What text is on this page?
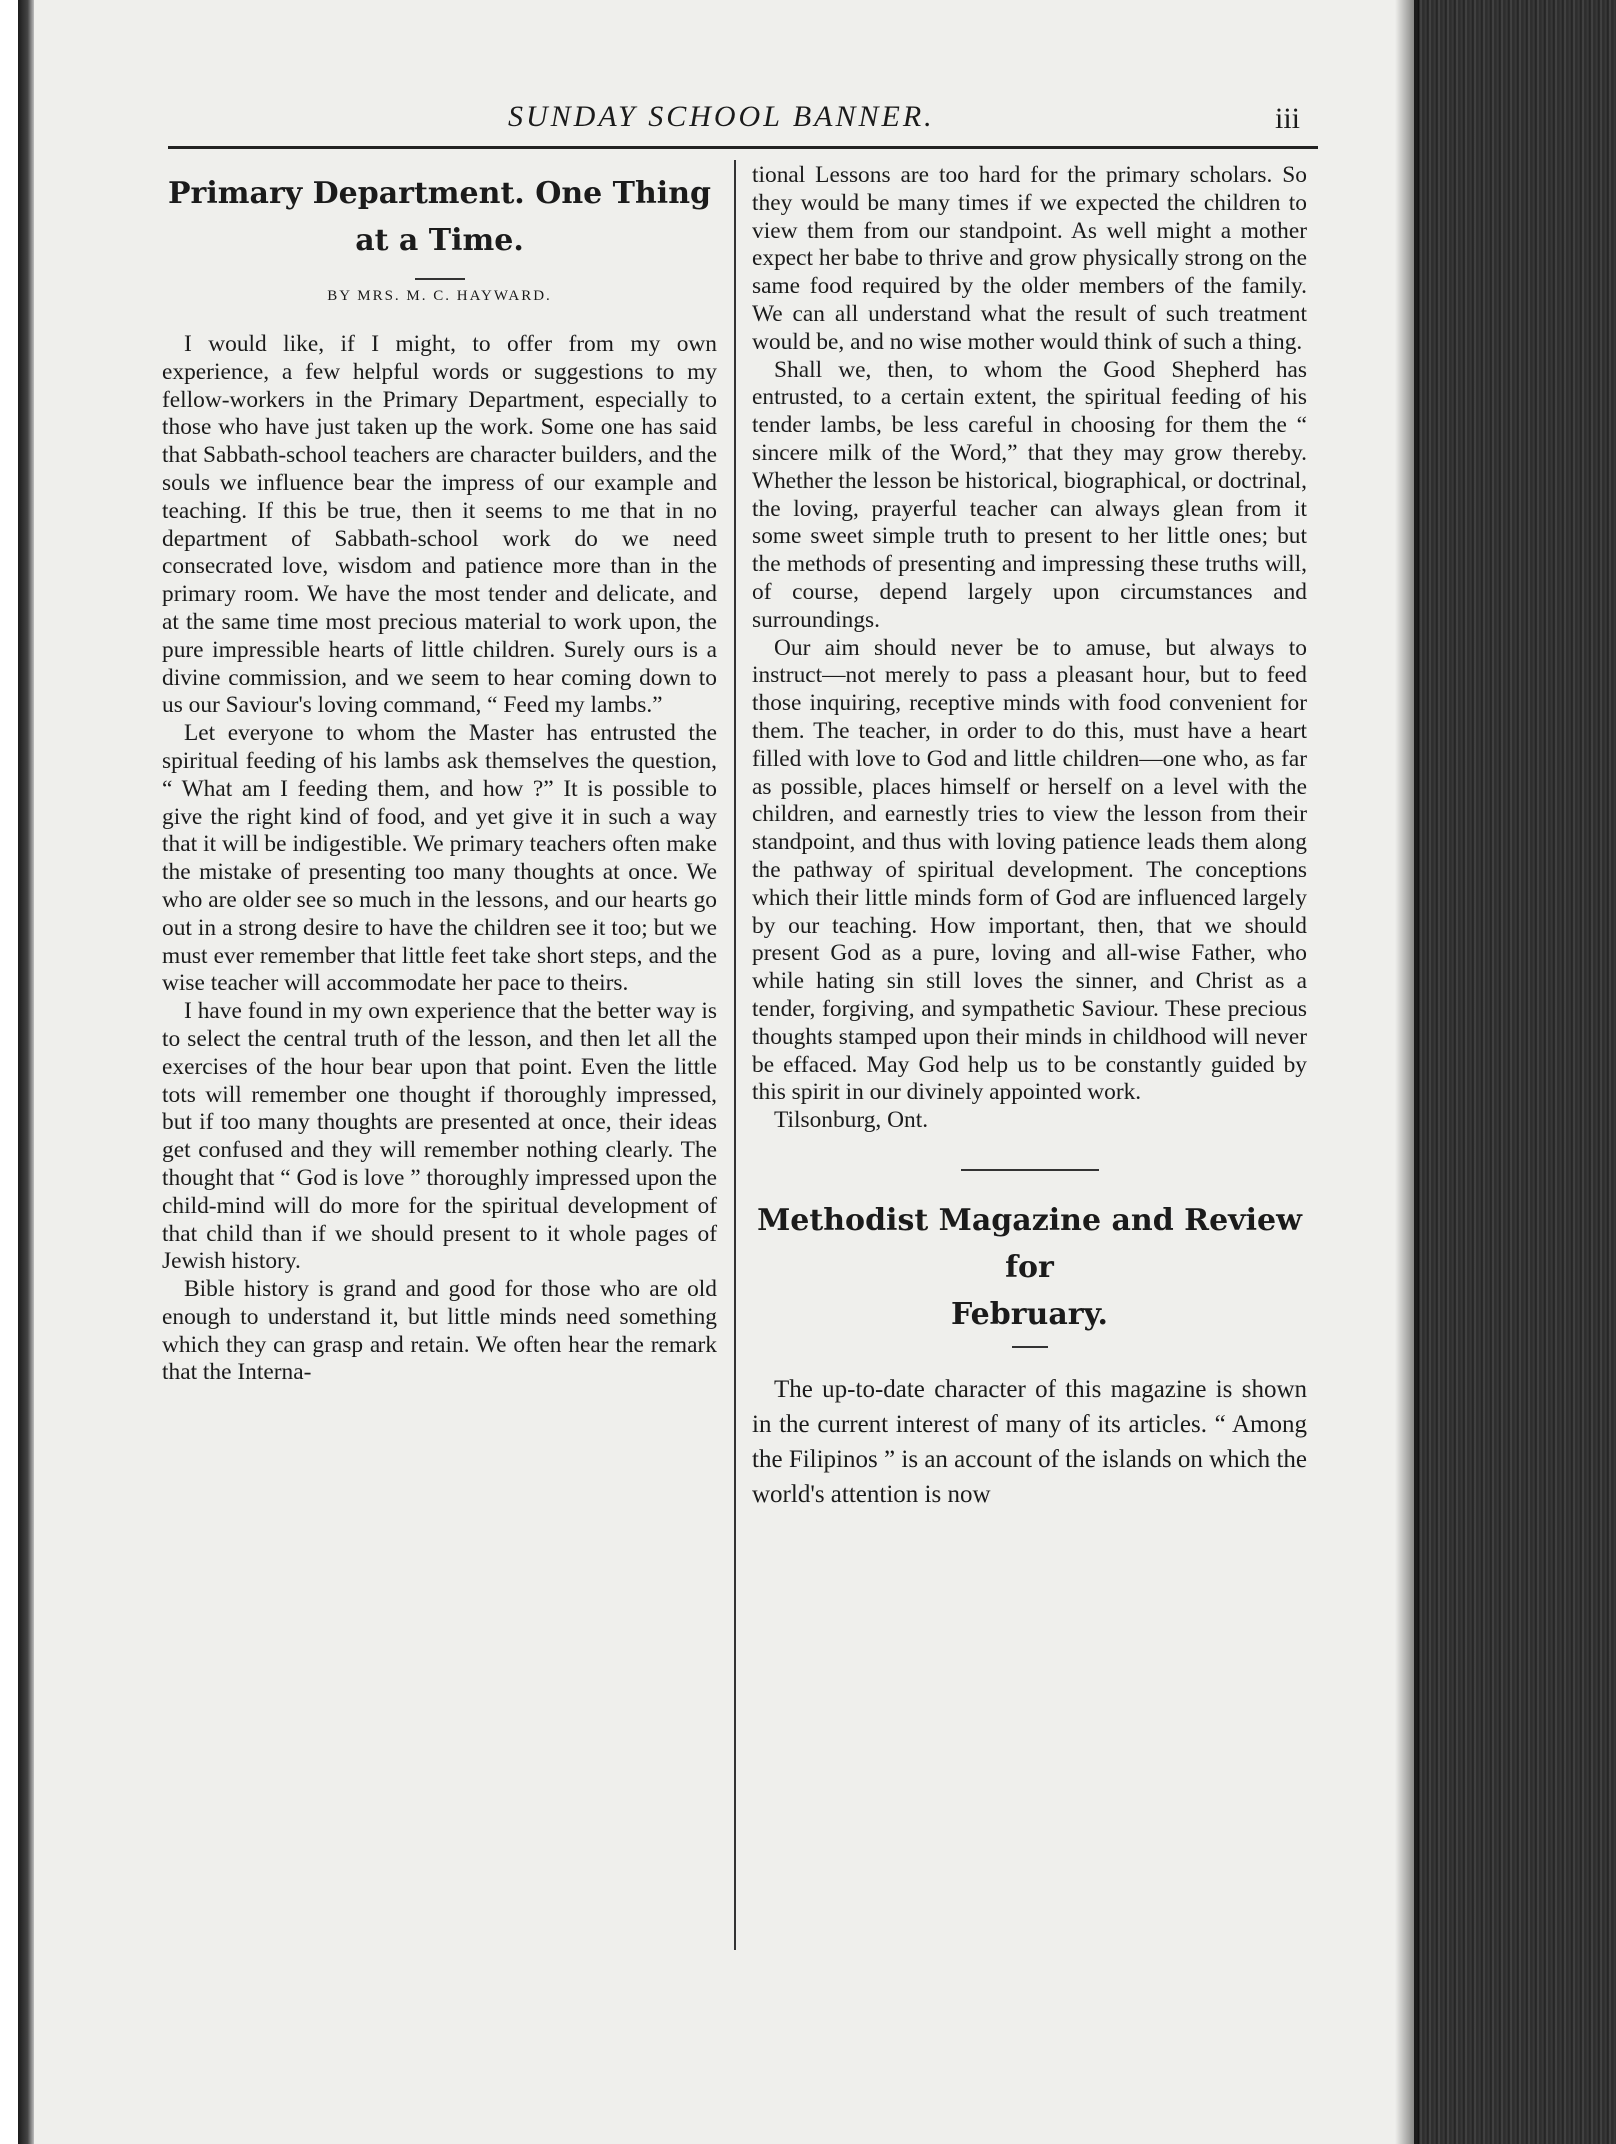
SUNDAY SCHOOL BANNER.	iii
Primary Department. One Thing
at a Time.
BY MRS. M. C. HAYWARD.

I would like, if I might, to offer from my own experience, a few helpful words or suggestions to my fellow-workers in the Primary Department, especially to those who have just taken up the work. Some one has said that Sabbath-school teachers are character builders, and the souls we influence bear the impress of our example and teaching. If this be true, then it seems to me that in no department of Sabbath-school work do we need consecrated love, wisdom and patience more than in the primary room. We have the most tender and delicate, and at the same time most precious material to work upon, the pure impressible hearts of little children. Surely ours is a divine commission, and we seem to hear coming down to us our Saviour's loving command, “ Feed my lambs.”

Let everyone to whom the Master has entrusted the spiritual feeding of his lambs ask themselves the question, “ What am I feeding them, and how ?” It is possible to give the right kind of food, and yet give it in such a way that it will be indigestible. We primary teachers often make the mistake of presenting too many thoughts at once. We who are older see so much in the lessons, and our hearts go out in a strong desire to have the children see it too; but we must ever remember that little feet take short steps, and the wise teacher will accommodate her pace to theirs.

I have found in my own experience that the better way is to select the central truth of the lesson, and then let all the exercises of the hour bear upon that point. Even the little tots will remember one thought if thoroughly impressed, but if too many thoughts are presented at once, their ideas get confused and they will remember nothing clearly. The thought that “ God is love ” thoroughly impressed upon the child-mind will do more for the spiritual development of that child than if we should present to it whole pages of Jewish history.

Bible history is grand and good for those who are old enough to understand it, but little minds need something which they can grasp and retain. We often hear the remark that the Interna-

tional Lessons are too hard for the primary scholars. So they would be many times if we expected the children to view them from our standpoint. As well might a mother expect her babe to thrive and grow physically strong on the same food required by the older members of the family. We can all understand what the result of such treatment would be, and no wise mother would think of such a thing.

Shall we, then, to whom the Good Shepherd has entrusted, to a certain extent, the spiritual feeding of his tender lambs, be less careful in choosing for them the “ sincere milk of the Word,” that they may grow thereby. Whether the lesson be historical, biographical, or doctrinal, the loving, prayerful teacher can always glean from it some sweet simple truth to present to her little ones; but the methods of presenting and impressing these truths will, of course, depend largely upon circumstances and surroundings.

Our aim should never be to amuse, but always to instruct—not merely to pass a pleasant hour, but to feed those inquiring, receptive minds with food convenient for them. The teacher, in order to do this, must have a heart filled with love to God and little children—one who, as far as possible, places himself or herself on a level with the children, and earnestly tries to view the lesson from their standpoint, and thus with loving patience leads them along the pathway of spiritual development. The conceptions which their little minds form of God are influenced largely by our teaching. How important, then, that we should present God as a pure, loving and all-wise Father, who while hating sin still loves the sinner, and Christ as a tender, forgiving, and sympathetic Saviour. These precious thoughts stamped upon their minds in childhood will never be effaced. May God help us to be constantly guided by this spirit in our divinely appointed work.

Tilsonburg, Ont.

Methodist Magazine and Review for
February.

The up-to-date character of this magazine is shown in the current interest of many of its articles. “ Among the Filipinos ” is an account of the islands on which the world's attention is now
